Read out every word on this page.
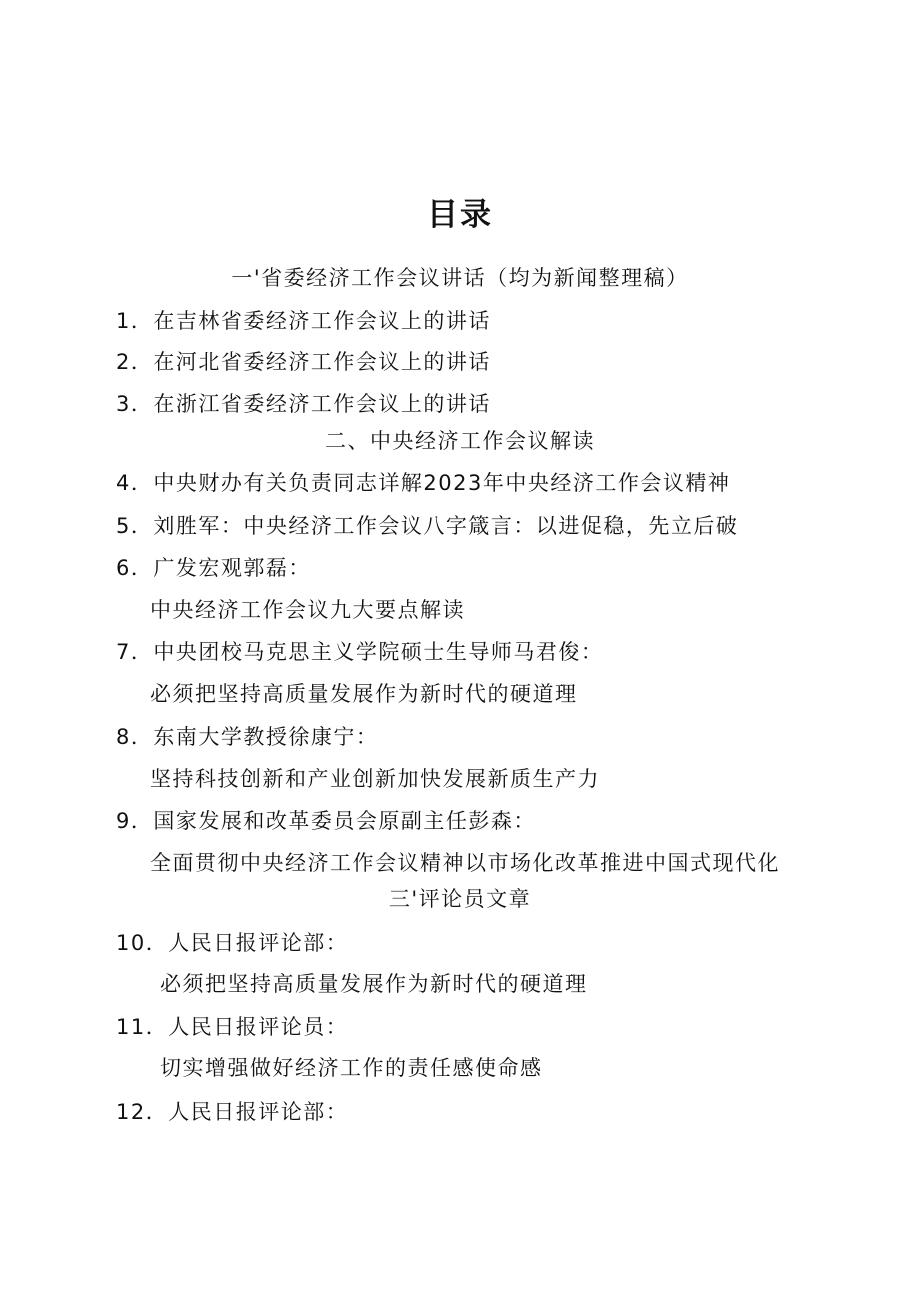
目录
一'省委经济工作会议讲话（均为新闻整理稿）
1．在吉林省委经济工作会议上的讲话
2．在河北省委经济工作会议上的讲话
3．在浙江省委经济工作会议上的讲话
二、中央经济工作会议解读
4．中央财办有关负责同志详解2023年中央经济工作会议精神
5．刘胜军：中央经济工作会议八字箴言：以进促稳，先立后破
6．广发宏观郭磊：
中央经济工作会议九大要点解读
7．中央团校马克思主义学院硕士生导师马君俊：
必须把坚持高质量发展作为新时代的硬道理
8．东南大学教授徐康宁：
坚持科技创新和产业创新加快发展新质生产力
9．国家发展和改革委员会原副主任彭森：
全面贯彻中央经济工作会议精神以市场化改革推进中国式现代化
三'评论员文章
10．人民日报评论部：
必须把坚持高质量发展作为新时代的硬道理
11．人民日报评论员：
切实增强做好经济工作的责任感使命感
12．人民日报评论部：
